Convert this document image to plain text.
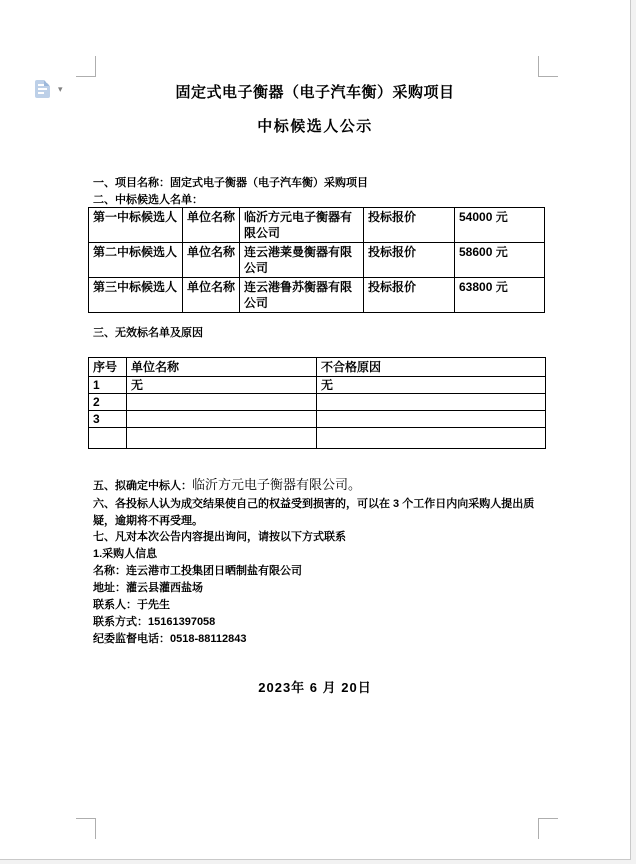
▾	固定式电子衡器（电子汽车衡）采购项目
中标候选人公示
一、项目名称：固定式电子衡器（电子汽车衡）采购项目
二、中标候选人名单：
第一中标候选人	单位名称	临沂方元电子衡器有限公司	投标报价	54000 元
第二中标候选人	单位名称	连云港莱曼衡器有限公司	投标报价	58600 元
第三中标候选人	单位名称	连云港鲁苏衡器有限公司	投标报价	63800 元
三、无效标名单及原因
序号	单位名称	不合格原因
1	无	无
2		
3		

五、拟确定中标人：临沂方元电子衡器有限公司。
六、各投标人认为成交结果使自己的权益受到损害的，可以在 3 个工作日内向采购人提出质疑，逾期将不再受理。
七、凡对本次公告内容提出询问，请按以下方式联系
1.采购人信息
名称：连云港市工投集团日晒制盐有限公司
地址：灌云县灌西盐场
联系人：于先生
联系方式：15161397058
纪委监督电话：0518-88112843
2023年 6 月 20日
